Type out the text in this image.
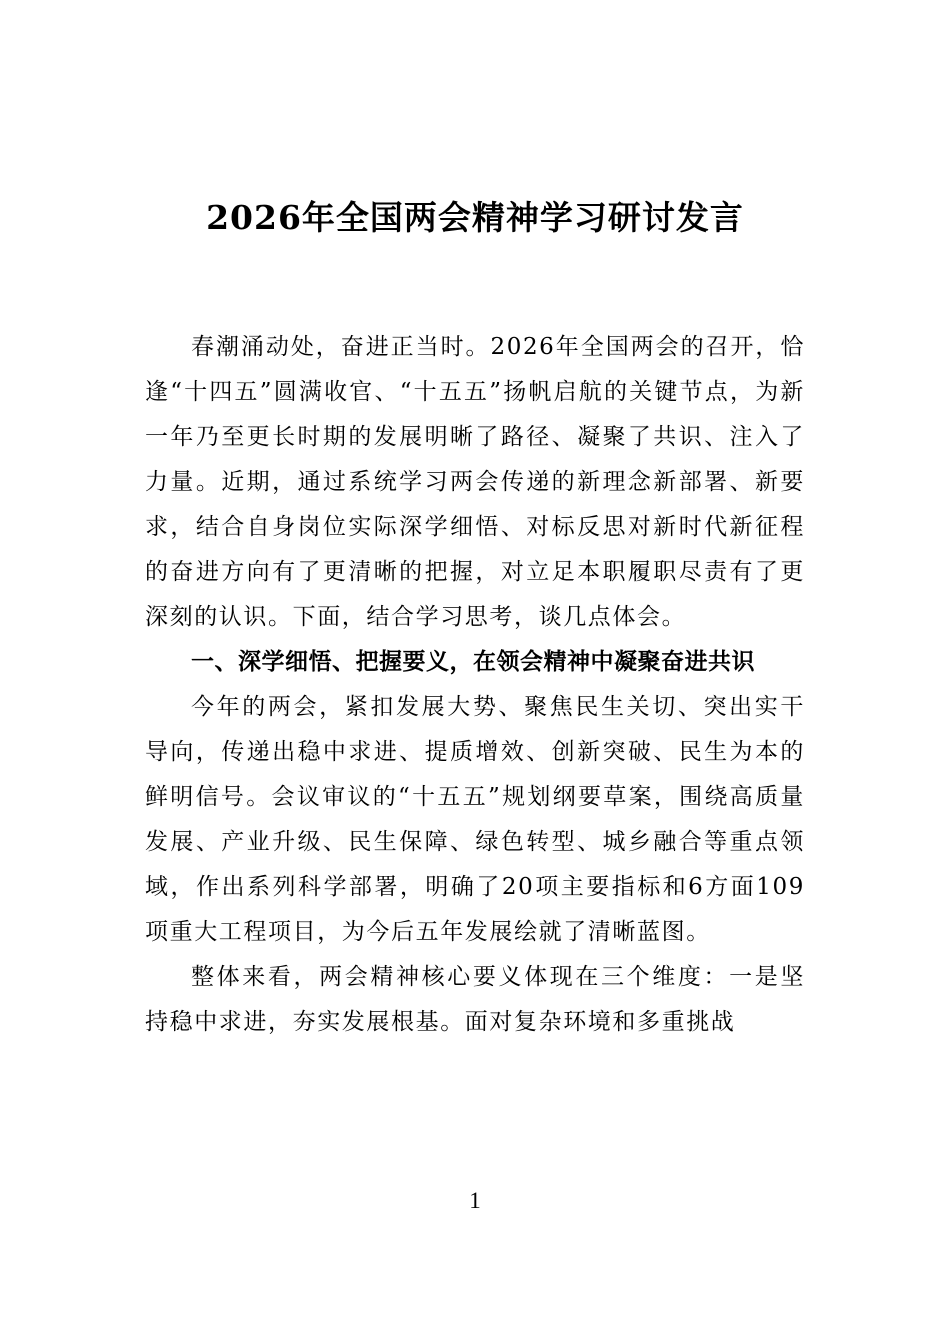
2026年全国两会精神学习研讨发言

春潮涌动处，奋进正当时。2026年全国两会的召开，恰逢“十四五”圆满收官、“十五五”扬帆启航的关键节点，为新一年乃至更长时期的发展明晰了路径、凝聚了共识、注入了力量。近期，通过系统学习两会传递的新理念新部署、新要求，结合自身岗位实际深学细悟、对标反思对新时代新征程的奋进方向有了更清晰的把握，对立足本职履职尽责有了更深刻的认识。下面，结合学习思考，谈几点体会。

一、深学细悟、把握要义，在领会精神中凝聚奋进共识

今年的两会，紧扣发展大势、聚焦民生关切、突出实干导向，传递出稳中求进、提质增效、创新突破、民生为本的鲜明信号。会议审议的“十五五”规划纲要草案，围绕高质量发展、产业升级、民生保障、绿色转型、城乡融合等重点领域，作出系列科学部署，明确了20项主要指标和6方面109项重大工程项目，为今后五年发展绘就了清晰蓝图。

整体来看，两会精神核心要义体现在三个维度：一是坚持稳中求进，夯实发展根基。面对复杂环境和多重挑战

1
